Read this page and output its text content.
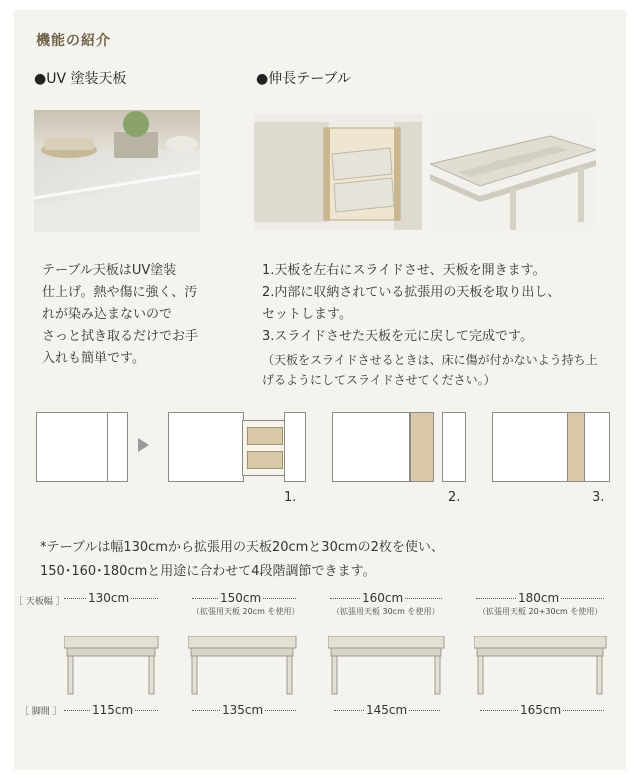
機能の紹介
●UV 塗装天板
テーブル天板はUV塗装
仕上げ。熱や傷に強く、汚
れが染み込まないので
さっと拭き取るだけでお手
入れも簡単です。
●伸長テーブル
1.天板を左右にスライドさせ、天板を開きます。
2.内部に収納されている拡張用の天板を取り出し、
セットします。
3.スライドさせた天板を元に戻して完成です。
（天板をスライドさせるときは、床に傷が付かないよう持ち上
げるようにしてスライドさせてください。）
1.	2.	3.
*テーブルは幅130cmから拡張用の天板20cmと30cmの2枚を使い、
150･160･180cmと用途に合わせて4段階調節できます。
［ 天板幅 ］
［ 脚間 ］
130cm
115cm
150cm
（拡張用天板 20cm を使用）
135cm
160cm
（拡張用天板 30cm を使用）
145cm
180cm
（拡張用天板 20+30cm を使用）
165cm
